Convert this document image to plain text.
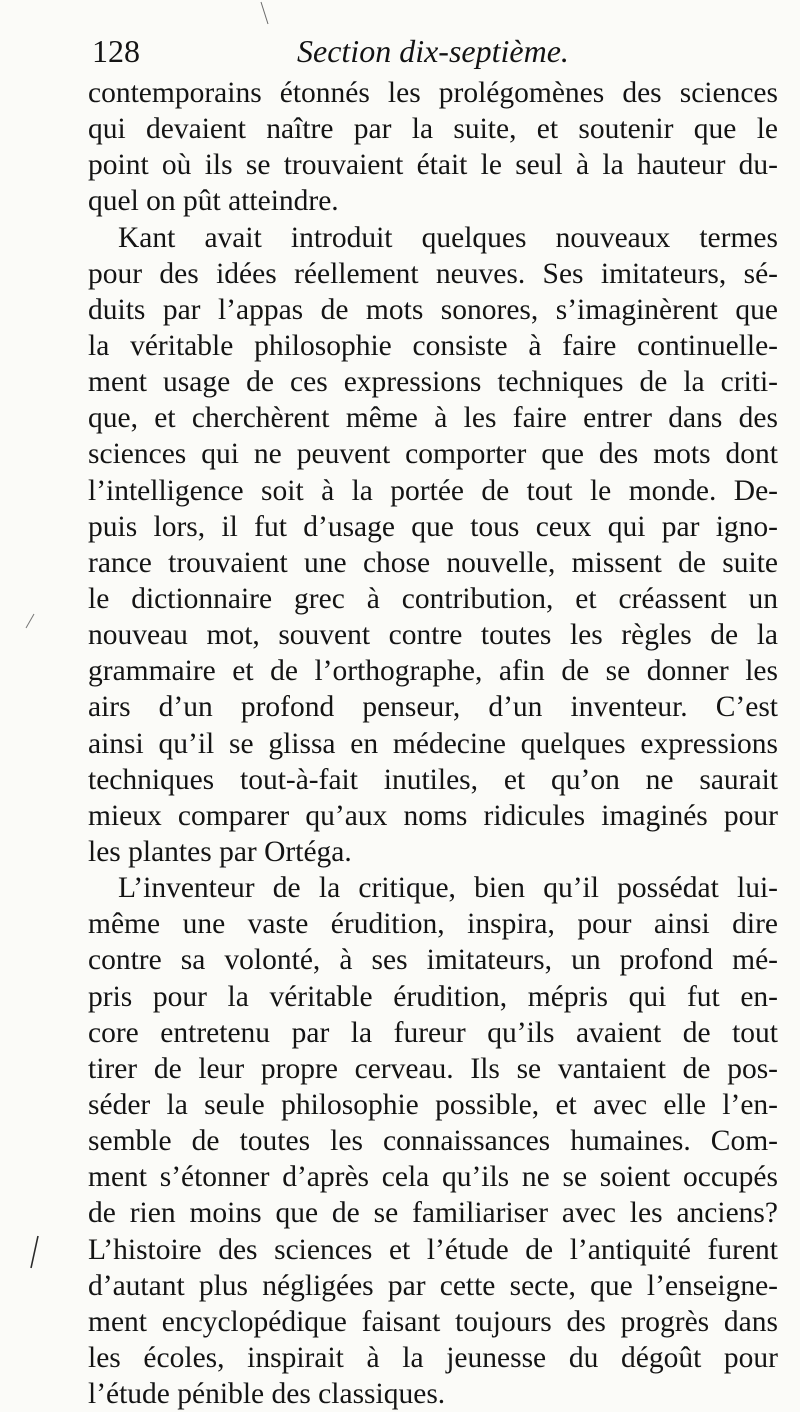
128	Section dix-septième.
contemporains étonnés les prolégomènes des sciences
qui devaient naître par la suite, et soutenir que le
point où ils se trouvaient était le seul à la hauteur du-
quel on pût atteindre.
Kant avait introduit quelques nouveaux termes
pour des idées réellement neuves. Ses imitateurs, sé-
duits par l’appas de mots sonores, s’imaginèrent que
la véritable philosophie consiste à faire continuelle-
ment usage de ces expressions techniques de la criti-
que, et cherchèrent même à les faire entrer dans des
sciences qui ne peuvent comporter que des mots dont
l’intelligence soit à la portée de tout le monde. De-
puis lors, il fut d’usage que tous ceux qui par igno-
rance trouvaient une chose nouvelle, missent de suite
le dictionnaire grec à contribution, et créassent un
nouveau mot, souvent contre toutes les règles de la
grammaire et de l’orthographe, afin de se donner les
airs d’un profond penseur, d’un inventeur. C’est
ainsi qu’il se glissa en médecine quelques expressions
techniques tout-à-fait inutiles, et qu’on ne saurait
mieux comparer qu’aux noms ridicules imaginés pour
les plantes par Ortéga.
L’inventeur de la critique, bien qu’il possédat lui-
même une vaste érudition, inspira, pour ainsi dire
contre sa volonté, à ses imitateurs, un profond mé-
pris pour la véritable érudition, mépris qui fut en-
core entretenu par la fureur qu’ils avaient de tout
tirer de leur propre cerveau. Ils se vantaient de pos-
séder la seule philosophie possible, et avec elle l’en-
semble de toutes les connaissances humaines. Com-
ment s’étonner d’après cela qu’ils ne se soient occupés
de rien moins que de se familiariser avec les anciens?
L’histoire des sciences et l’étude de l’antiquité furent
d’autant plus négligées par cette secte, que l’enseigne-
ment encyclopédique faisant toujours des progrès dans
les écoles, inspirait à la jeunesse du dégoût pour
l’étude pénible des classiques.
